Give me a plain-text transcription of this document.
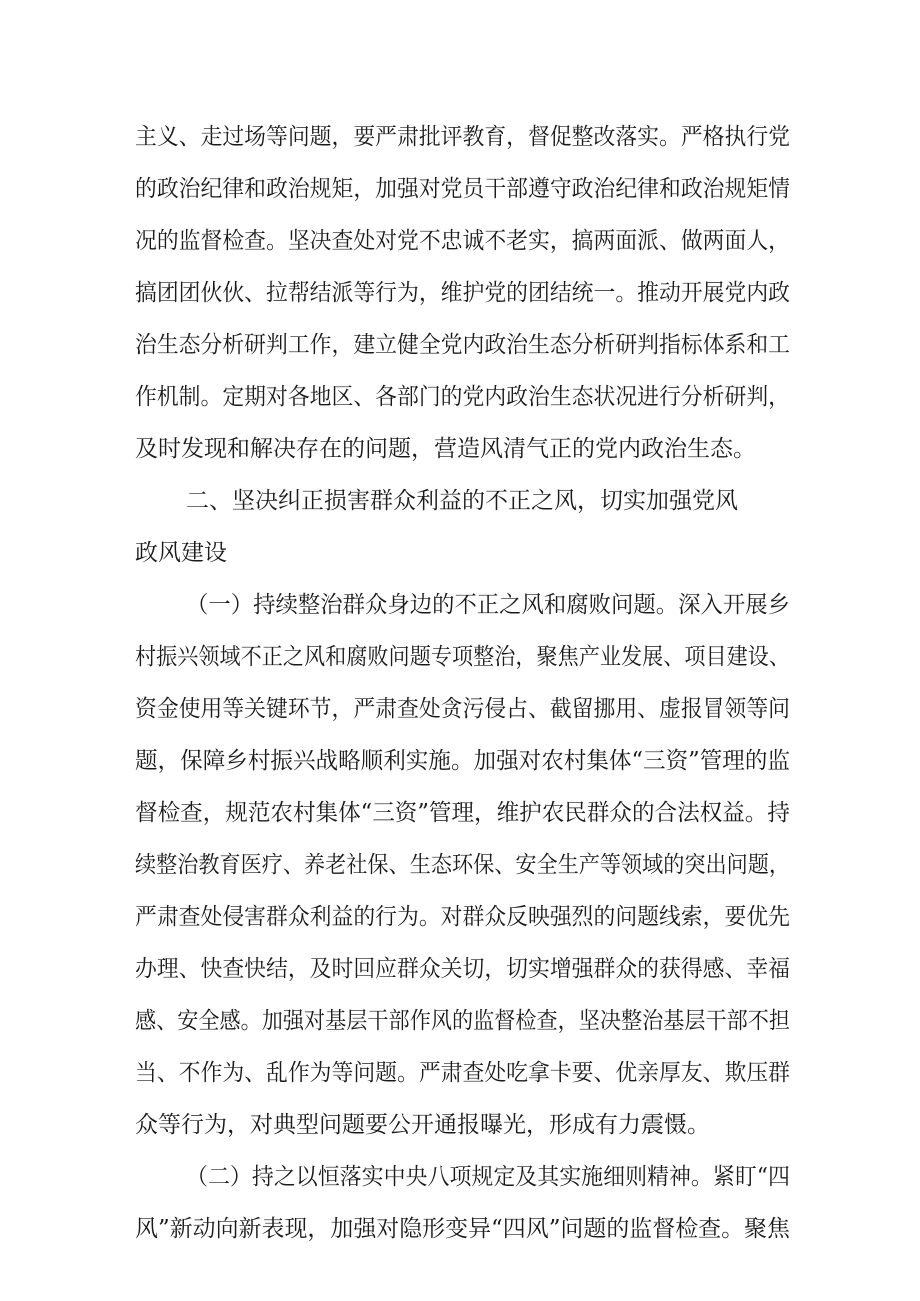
主义、走过场等问题，要严肃批评教育，督促整改落实。严格执行党
的政治纪律和政治规矩，加强对党员干部遵守政治纪律和政治规矩情
况的监督检查。坚决查处对党不忠诚不老实，搞两面派、做两面人，
搞团团伙伙、拉帮结派等行为，维护党的团结统一。推动开展党内政
治生态分析研判工作，建立健全党内政治生态分析研判指标体系和工
作机制。定期对各地区、各部门的党内政治生态状况进行分析研判，
及时发现和解决存在的问题，营造风清气正的党内政治生态。
二、坚决纠正损害群众利益的不正之风，切实加强党风
政风建设
（一）持续整治群众身边的不正之风和腐败问题。深入开展乡
村振兴领域不正之风和腐败问题专项整治，聚焦产业发展、项目建设、
资金使用等关键环节，严肃查处贪污侵占、截留挪用、虚报冒领等问
题，保障乡村振兴战略顺利实施。加强对农村集体“三资”管理的监
督检查，规范农村集体“三资”管理，维护农民群众的合法权益。持
续整治教育医疗、养老社保、生态环保、安全生产等领域的突出问题，
严肃查处侵害群众利益的行为。对群众反映强烈的问题线索，要优先
办理、快查快结，及时回应群众关切，切实增强群众的获得感、幸福
感、安全感。加强对基层干部作风的监督检查，坚决整治基层干部不担
当、不作为、乱作为等问题。严肃查处吃拿卡要、优亲厚友、欺压群
众等行为，对典型问题要公开通报曝光，形成有力震慑。
（二）持之以恒落实中央八项规定及其实施细则精神。紧盯“四
风”新动向新表现，加强对隐形变异“四风”问题的监督检查。聚焦
